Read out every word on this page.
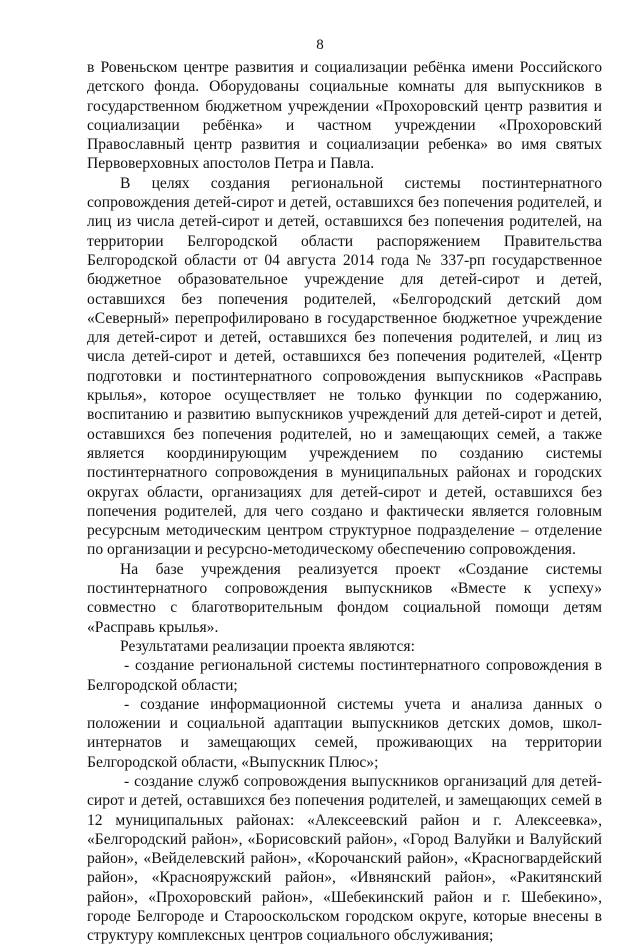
8

в Ровеньском центре развития и социализации ребёнка имени Российского детского фонда. Оборудованы социальные комнаты для выпускников в государственном бюджетном учреждении «Прохоровский центр развития и социализации ребёнка» и частном учреждении «Прохоровский Православный центр развития и социализации ребенка» во имя святых Первоверховных апостолов Петра и Павла.

В целях создания региональной системы постинтернатного сопровождения детей-сирот и детей, оставшихся без попечения родителей, и лиц из числа детей-сирот и детей, оставшихся без попечения родителей, на территории Белгородской области распоряжением Правительства Белгородской области от 04 августа 2014 года № 337-рп государственное бюджетное образовательное учреждение для детей-сирот и детей, оставшихся без попечения родителей, «Белгородский детский дом «Северный» перепрофилировано в государственное бюджетное учреждение для детей-сирот и детей, оставшихся без попечения родителей, и лиц из числа детей-сирот и детей, оставшихся без попечения родителей, «Центр подготовки и постинтернатного сопровождения выпускников «Расправь крылья», которое осуществляет не только функции по содержанию, воспитанию и развитию выпускников учреждений для детей-сирот и детей, оставшихся без попечения родителей, но и замещающих семей, а также является координирующим учреждением по созданию системы постинтернатного сопровождения в муниципальных районах и городских округах области, организациях для детей-сирот и детей, оставшихся без попечения родителей, для чего создано и фактически является головным ресурсным методическим центром структурное подразделение – отделение по организации и ресурсно-методическому обеспечению сопровождения.

На базе учреждения реализуется проект «Создание системы постинтернатного сопровождения выпускников «Вместе к успеху» совместно с благотворительным фондом социальной помощи детям «Расправь крылья».

Результатами реализации проекта являются:

- создание региональной системы постинтернатного сопровождения в Белгородской области;

- создание информационной системы учета и анализа данных о положении и социальной адаптации выпускников детских домов, школ-интернатов и замещающих семей, проживающих на территории Белгородской области, «Выпускник Плюс»;

- создание служб сопровождения выпускников организаций для детей-сирот и детей, оставшихся без попечения родителей, и замещающих семей в 12 муниципальных районах: «Алексеевский район и г. Алексеевка», «Белгородский район», «Борисовский район», «Город Валуйки и Валуйский район», «Вейделевский район», «Корочанский район», «Красногвардейский район», «Краснояружский район», «Ивнянский район», «Ракитянский район», «Прохоровский район», «Шебекинский район и г. Шебекино», городе Белгороде и Старооскольском городском округе, которые внесены в структуру комплексных центров социального обслуживания;
